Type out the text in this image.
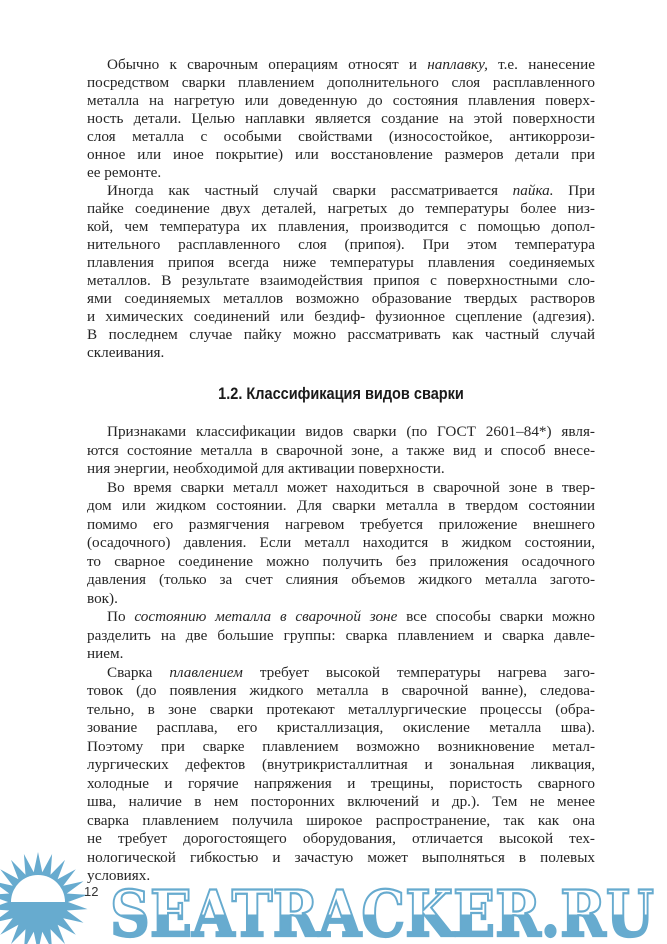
Обычно к сварочным операциям относят и наплавку, т.е. нанесение
посредством сварки плавлением дополнительного слоя расплавленного
металла на нагретую или доведенную до состояния плавления поверх-
ность детали. Целью наплавки является создание на этой поверхности
слоя металла с особыми свойствами (износостойкое, антикоррози-
онное или иное покрытие) или восстановление размеров детали при
ее ремонте.
Иногда как частный случай сварки рассматривается пайка. При
пайке соединение двух деталей, нагретых до температуры более низ-
кой, чем температура их плавления, производится с помощью допол-
нительного расплавленного слоя (припоя). При этом температура
плавления припоя всегда ниже температуры плавления соединяемых
металлов. В результате взаимодействия припоя с поверхностными сло-
ями соединяемых металлов возможно образование твердых растворов
и химических соединений или бездиф- фузионное сцепление (адгезия).
В последнем случае пайку можно рассматривать как частный случай
склеивания.
1.2. Классификация видов сварки
Признаками классификации видов сварки (по ГОСТ 2601–84*) явля-
ются состояние металла в сварочной зоне, а также вид и способ внесе-
ния энергии, необходимой для активации поверхности.
Во время сварки металл может находиться в сварочной зоне в твер-
дом или жидком состоянии. Для сварки металла в твердом состоянии
помимо его размягчения нагревом требуется приложение внешнего
(осадочного) давления. Если металл находится в жидком состоянии,
то сварное соединение можно получить без приложения осадочного
давления (только за счет слияния объемов жидкого металла загото-
вок).
По состоянию металла в сварочной зоне все способы сварки можно
разделить на две большие группы: сварка плавлением и сварка давле-
нием.
Сварка плавлением требует высокой температуры нагрева заго-
товок (до появления жидкого металла в сварочной ванне), следова-
тельно, в зоне сварки протекают металлургические процессы (обра-
зование расплава, его кристаллизация, окисление металла шва).
Поэтому при сварке плавлением возможно возникновение метал-
лургических дефектов (внутрикристаллитная и зональная ликвация,
холодные и горячие напряжения и трещины, пористость сварного
шва, наличие в нем посторонних включений и др.). Тем не менее
сварка плавлением получила широкое распространение, так как она
не требует дорогостоящего оборудования, отличается высокой тех-
нологической гибкостью и зачастую может выполняться в полевых
условиях.
SEATRACKER.RU
12
